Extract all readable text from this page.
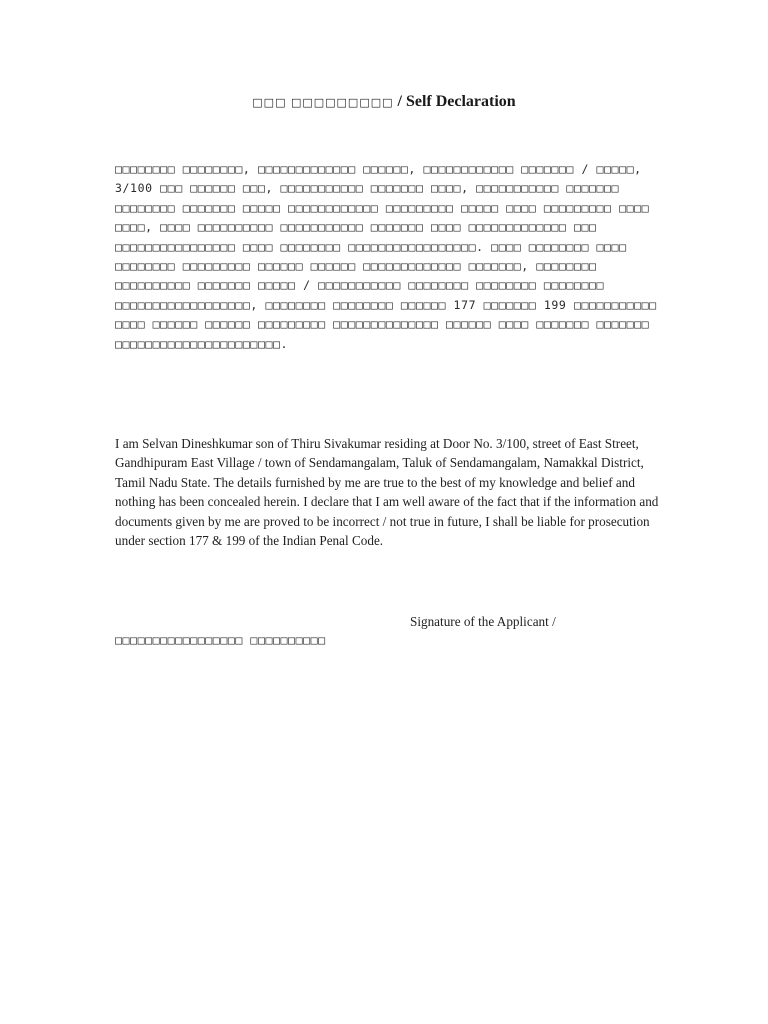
□□□ □□□□□□□□□ / Self Declaration
□□□□□□□□ □□□□□□□□, □□□□□□□□□□□□□ □□□□□□, □□□□□□□□□□□□ □□□□□□□ / □□□□□, 3/100 □□□ □□□□□□ □□□, □□□□□□□□□□□ □□□□□□□ □□□□, □□□□□□□□□□□ □□□□□□□ □□□□□□□□ □□□□□□□ □□□□□ □□□□□□□□□□□□ □□□□□□□□□ □□□□□ □□□□ □□□□□□□□□ □□□□ □□□□, □□□□ □□□□□□□□□□ □□□□□□□□□□□ □□□□□□□ □□□□ □□□□□□□□□□□□□ □□□ □□□□□□□□□□□□□□□□ □□□□ □□□□□□□□ □□□□□□□□□□□□□□□□□. □□□□ □□□□□□□□ □□□□ □□□□□□□□ □□□□□□□□□ □□□□□□ □□□□□□ □□□□□□□□□□□□□ □□□□□□□, □□□□□□□□ □□□□□□□□□□ □□□□□□□ □□□□□ / □□□□□□□□□□□ □□□□□□□□ □□□□□□□□ □□□□□□□□ □□□□□□□□□□□□□□□□□□, □□□□□□□□ □□□□□□□□ □□□□□□ 177 □□□□□□□ 199 □□□□□□□□□□□ □□□□ □□□□□□ □□□□□□ □□□□□□□□□ □□□□□□□□□□□□□□ □□□□□□ □□□□ □□□□□□□ □□□□□□□ □□□□□□□□□□□□□□□□□□□□□□.
I am Selvan Dineshkumar son of Thiru Sivakumar residing at Door No. 3/100, street of East Street, Gandhipuram East Village / town of Sendamangalam, Taluk of Sendamangalam, Namakkal District, Tamil Nadu State. The details furnished by me are true to the best of my knowledge and belief and nothing has been concealed herein. I declare that I am well aware of the fact that if the information and documents given by me are proved to be incorrect / not true in future, I shall be liable for prosecution under section 177 & 199 of the Indian Penal Code.
Signature of the Applicant /
□□□□□□□□□□□□□□□□□ □□□□□□□□□□
